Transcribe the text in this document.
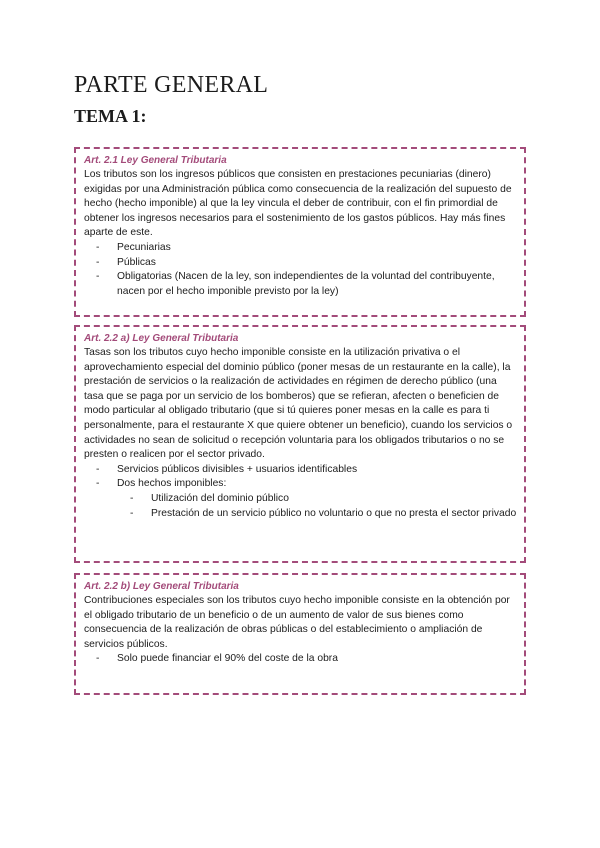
PARTE GENERAL
TEMA 1:
Art. 2.1 Ley General Tributaria

Los tributos son los ingresos públicos que consisten en prestaciones pecuniarias (dinero) exigidas por una Administración pública como consecuencia de la realización del supuesto de hecho (hecho imponible) al que la ley vincula el deber de contribuir, con el fin primordial de obtener los ingresos necesarios para el sostenimiento de los gastos públicos. Hay más fines aparte de este.

- Pecuniarias
- Públicas
- Obligatorias (Nacen de la ley, son independientes de la voluntad del contribuyente, nacen por el hecho imponible previsto por la ley)
Art. 2.2 a) Ley General Tributaria

Tasas son los tributos cuyo hecho imponible consiste en la utilización privativa o el aprovechamiento especial del dominio público (poner mesas de un restaurante en la calle), la prestación de servicios o la realización de actividades en régimen de derecho público (una tasa que se paga por un servicio de los bomberos) que se refieran, afecten o beneficien de modo particular al obligado tributario (que si tú quieres poner mesas en la calle es para ti personalmente, para el restaurante X que quiere obtener un beneficio), cuando los servicios o actividades no sean de solicitud o recepción voluntaria para los obligados tributarios o no se presten o realicen por el sector privado.

- Servicios públicos divisibles + usuarios identificables
- Dos hechos imponibles:
- Utilización del dominio público
- Prestación de un servicio público no voluntario o que no presta el sector privado
Art. 2.2 b) Ley General Tributaria

Contribuciones especiales son los tributos cuyo hecho imponible consiste en la obtención por

el obligado tributario de un beneficio o de un aumento de valor de sus bienes como consecuencia de la realización de obras públicas o del establecimiento o ampliación de servicios públicos.

- Solo puede financiar el 90% del coste de la obra
